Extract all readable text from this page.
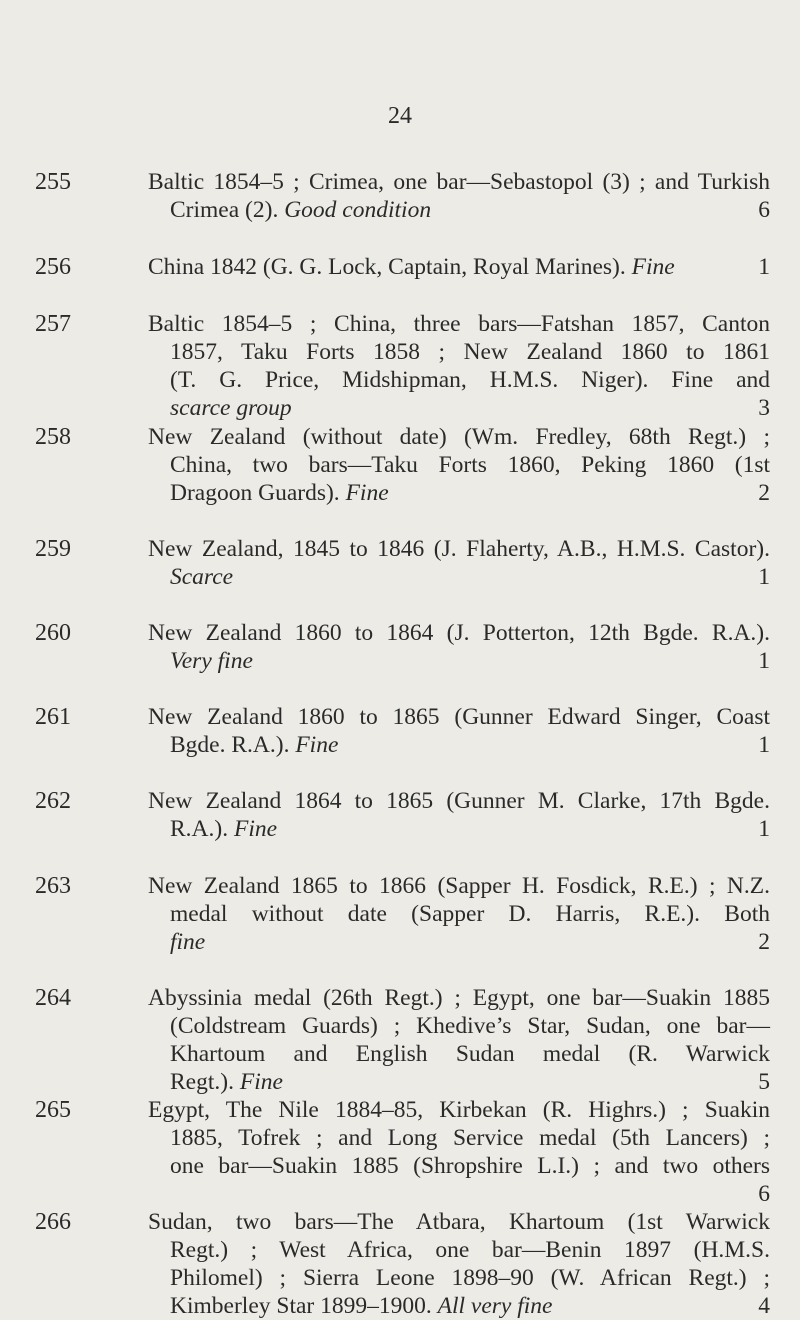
24
255	Baltic 1854–5 ; Crimea, one bar—Sebastopol (3) ; and Turkish
Crimea (2). Good condition	6
256	China 1842 (G. G. Lock, Captain, Royal Marines). Fine	1
257	Baltic 1854–5 ; China, three bars—Fatshan 1857, Canton
1857, Taku Forts 1858 ; New Zealand 1860 to 1861
(T. G. Price, Midshipman, H.M.S. Niger). Fine and
scarce group	3
258	New Zealand (without date) (Wm. Fredley, 68th Regt.) ;
China, two bars—Taku Forts 1860, Peking 1860 (1st
Dragoon Guards). Fine	2
259	New Zealand, 1845 to 1846 (J. Flaherty, A.B., H.M.S. Castor).
Scarce	1
260	New Zealand 1860 to 1864 (J. Potterton, 12th Bgde. R.A.).
Very fine	1
261	New Zealand 1860 to 1865 (Gunner Edward Singer, Coast
Bgde. R.A.). Fine	1
262	New Zealand 1864 to 1865 (Gunner M. Clarke, 17th Bgde.
R.A.). Fine	1
263	New Zealand 1865 to 1866 (Sapper H. Fosdick, R.E.) ; N.Z.
medal without date (Sapper D. Harris, R.E.). Both
fine	2
264	Abyssinia medal (26th Regt.) ; Egypt, one bar—Suakin 1885
(Coldstream Guards) ; Khedive’s Star, Sudan, one bar—
Khartoum and English Sudan medal (R. Warwick
Regt.). Fine	5
265	Egypt, The Nile 1884–85, Kirbekan (R. Highrs.) ; Suakin
1885, Tofrek ; and Long Service medal (5th Lancers) ;
one bar—Suakin 1885 (Shropshire L.I.) ; and two others

6
266	Sudan, two bars—The Atbara, Khartoum (1st Warwick
Regt.) ; West Africa, one bar—Benin 1897 (H.M.S.
Philomel) ; Sierra Leone 1898–90 (W. African Regt.) ;
Kimberley Star 1899–1900. All very fine	4
